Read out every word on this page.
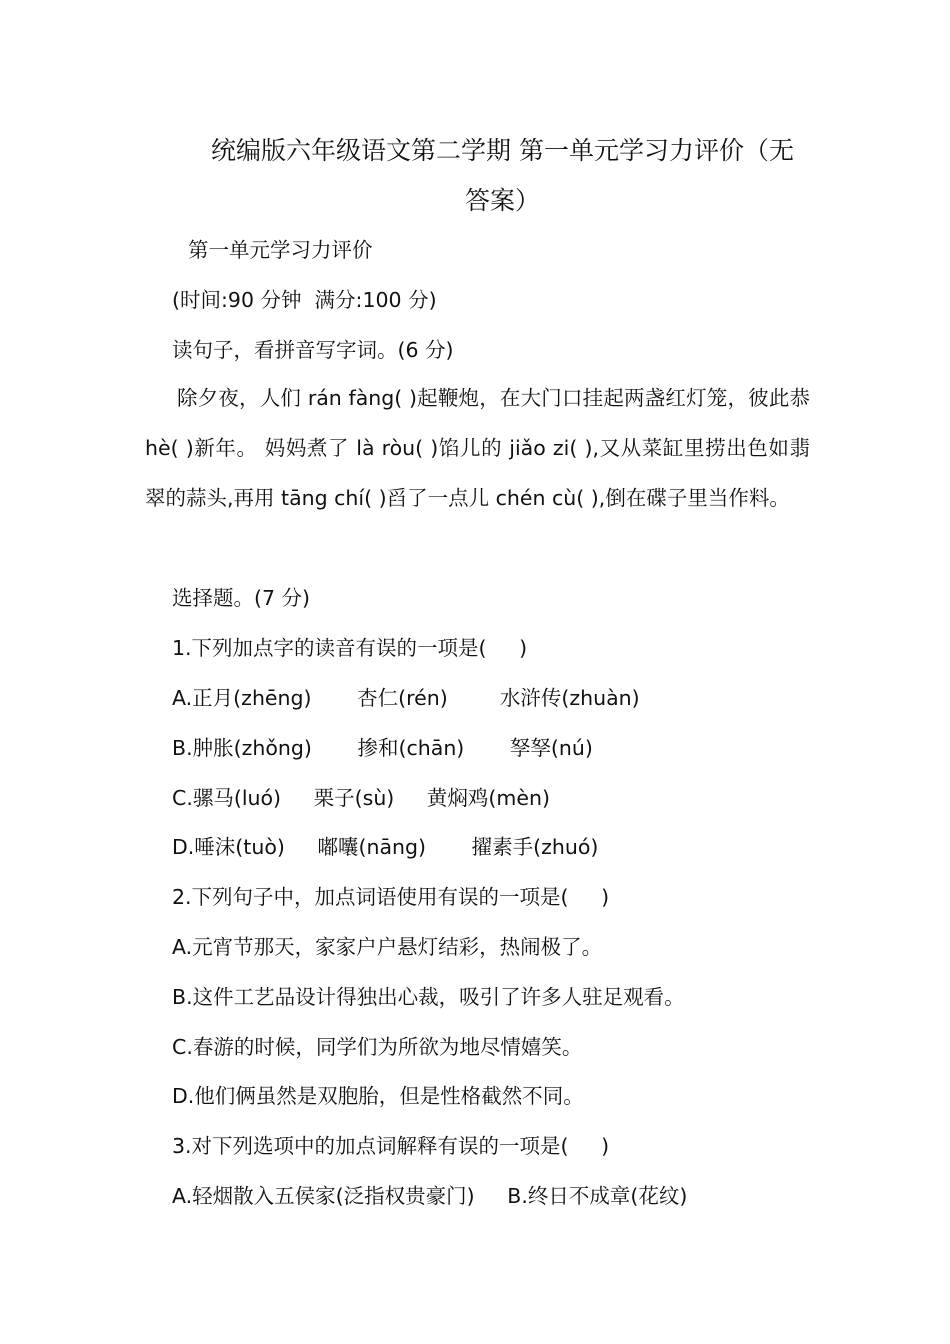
统编版六年级语文第二学期 第一单元学习力评价（无
答案）
第一单元学习力评价
(时间:90 分钟  满分:100 分)
读句子，看拼音写字词。(6 分)
除夕夜，人们 rán fàng( )起鞭炮，在大门口挂起两盏红灯笼，彼此恭 hè( )新年。 妈妈煮了 là ròu( )馅儿的 jiǎo zi( ),又从菜缸里捞出色如翡翠的蒜头,再用 tāng chí( )舀了一点儿 chén cù( ),倒在碟子里当作料。
选择题。(7 分)
1.下列加点字的读音有误的一项是(     )
A.正月(zhēng)       杏仁(rén)        水浒传(zhuàn)
B.肿胀(zhǒng)       掺和(chān)       孥孥(nú)
C.骡马(luó)     栗子(sù)     黄焖鸡(mèn)
D.唾沫(tuò)     嘟囔(nāng)       擢素手(zhuó)
2.下列句子中，加点词语使用有误的一项是(     )
A.元宵节那天，家家户户悬灯结彩，热闹极了。
B.这件工艺品设计得独出心裁，吸引了许多人驻足观看。
C.春游的时候，同学们为所欲为地尽情嬉笑。
D.他们俩虽然是双胞胎，但是性格截然不同。
3.对下列选项中的加点词解释有误的一项是(     )
A.轻烟散入五侯家(泛指权贵豪门)     B.终日不成章(花纹)
